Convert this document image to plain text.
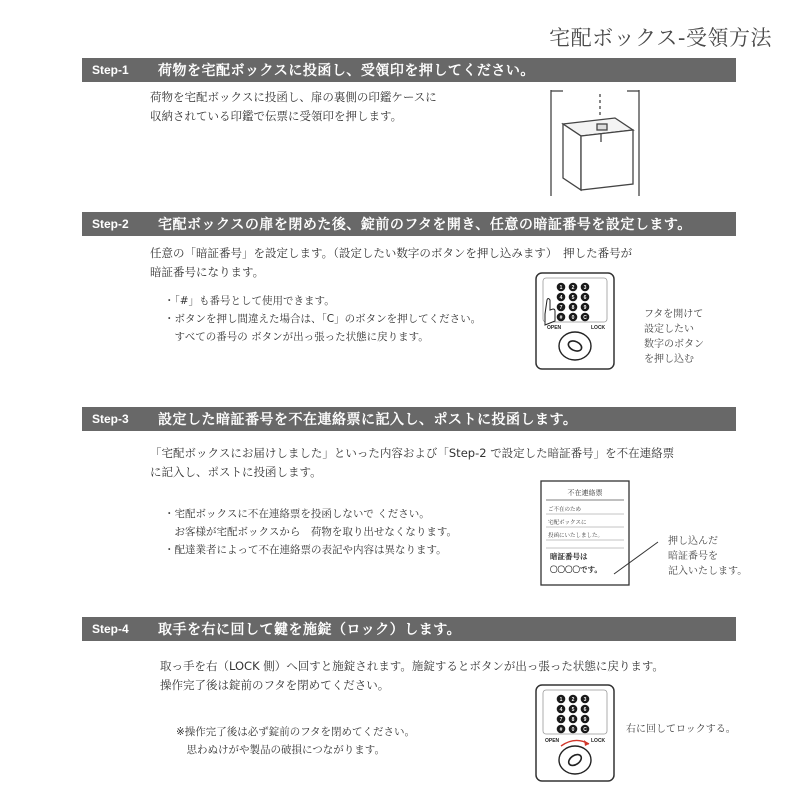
宅配ボックス-受領方法
Step-1	荷物を宅配ボックスに投函し、受領印を押してください。
荷物を宅配ボックスに投函し、扉の裏側の印鑑ケースに
収納されている印鑑で伝票に受領印を押します。
Step-2	宅配ボックスの扉を閉めた後、錠前のフタを開き、任意の暗証番号を設定します。
任意の「暗証番号」を設定します。（設定したい数字のボタンを押し込みます）　押した番号が
暗証番号になります。
・「#」も番号として使用できます。
・ボタンを押し間違えた場合は、「C」のボタンを押してください。
　すべての番号の ボタンが出っ張った状態に戻ります。
1 2 3
4 5 6
7 8 9
# 0 C
OPEN	LOCK
フタを開けて
設定したい
数字のボタン
を押し込む
Step-3	設定した暗証番号を不在連絡票に記入し、ポストに投函します。
「宅配ボックスにお届けしました」といった内容および「Step-2 で設定した暗証番号」を不在連絡票
に記入し、ポストに投函します。
・宅配ボックスに不在連絡票を投函しないで ください。
　お客様が宅配ボックスから　荷物を取り出せなくなります。
・配達業者によって不在連絡票の表記や内容は異なります。
不在連絡票
ご不在のため
宅配ボックスに
投函にいたしました。
暗証番号は
〇〇〇〇です。
押し込んだ
暗証番号を
記入いたします。
Step-4	取手を右に回して鍵を施錠（ロック）します。
取っ手を右（LOCK 側）へ回すと施錠されます。施錠するとボタンが出っ張った状態に戻ります。
操作完了後は錠前のフタを閉めてください。
※操作完了後は必ず錠前のフタを閉めてください。
　思わぬけがや製品の破損につながります。
1 2 3
4 5 6
7 8 9
# 0 C
OPEN	LOCK
右に回してロックする。
